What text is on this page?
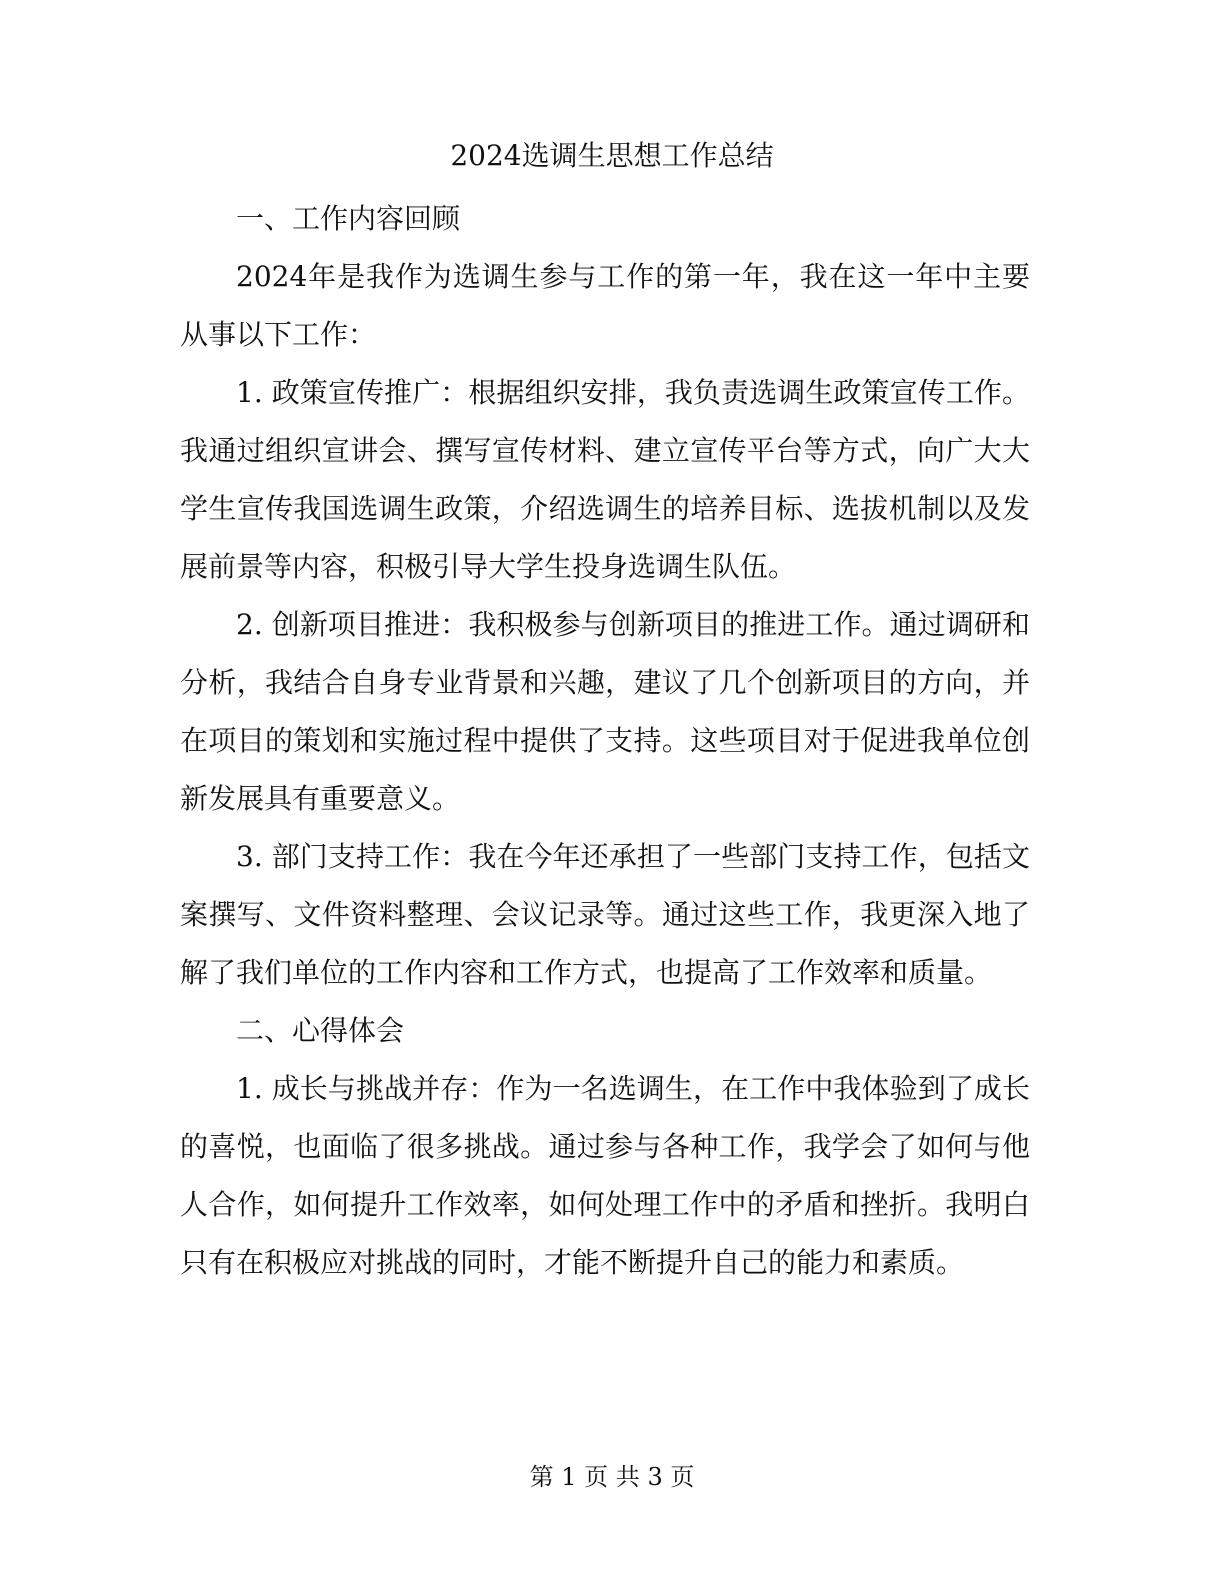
2024选调生思想工作总结

一、工作内容回顾

2024年是我作为选调生参与工作的第一年，我在这一年中主要从事以下工作：

1. 政策宣传推广：根据组织安排，我负责选调生政策宣传工作。我通过组织宣讲会、撰写宣传材料、建立宣传平台等方式，向广大大学生宣传我国选调生政策，介绍选调生的培养目标、选拔机制以及发展前景等内容，积极引导大学生投身选调生队伍。

2. 创新项目推进：我积极参与创新项目的推进工作。通过调研和分析，我结合自身专业背景和兴趣，建议了几个创新项目的方向，并在项目的策划和实施过程中提供了支持。这些项目对于促进我单位创新发展具有重要意义。

3. 部门支持工作：我在今年还承担了一些部门支持工作，包括文案撰写、文件资料整理、会议记录等。通过这些工作，我更深入地了解了我们单位的工作内容和工作方式，也提高了工作效率和质量。

二、心得体会

1. 成长与挑战并存：作为一名选调生，在工作中我体验到了成长的喜悦，也面临了很多挑战。通过参与各种工作，我学会了如何与他人合作，如何提升工作效率，如何处理工作中的矛盾和挫折。我明白只有在积极应对挑战的同时，才能不断提升自己的能力和素质。

第 1 页 共 3 页
